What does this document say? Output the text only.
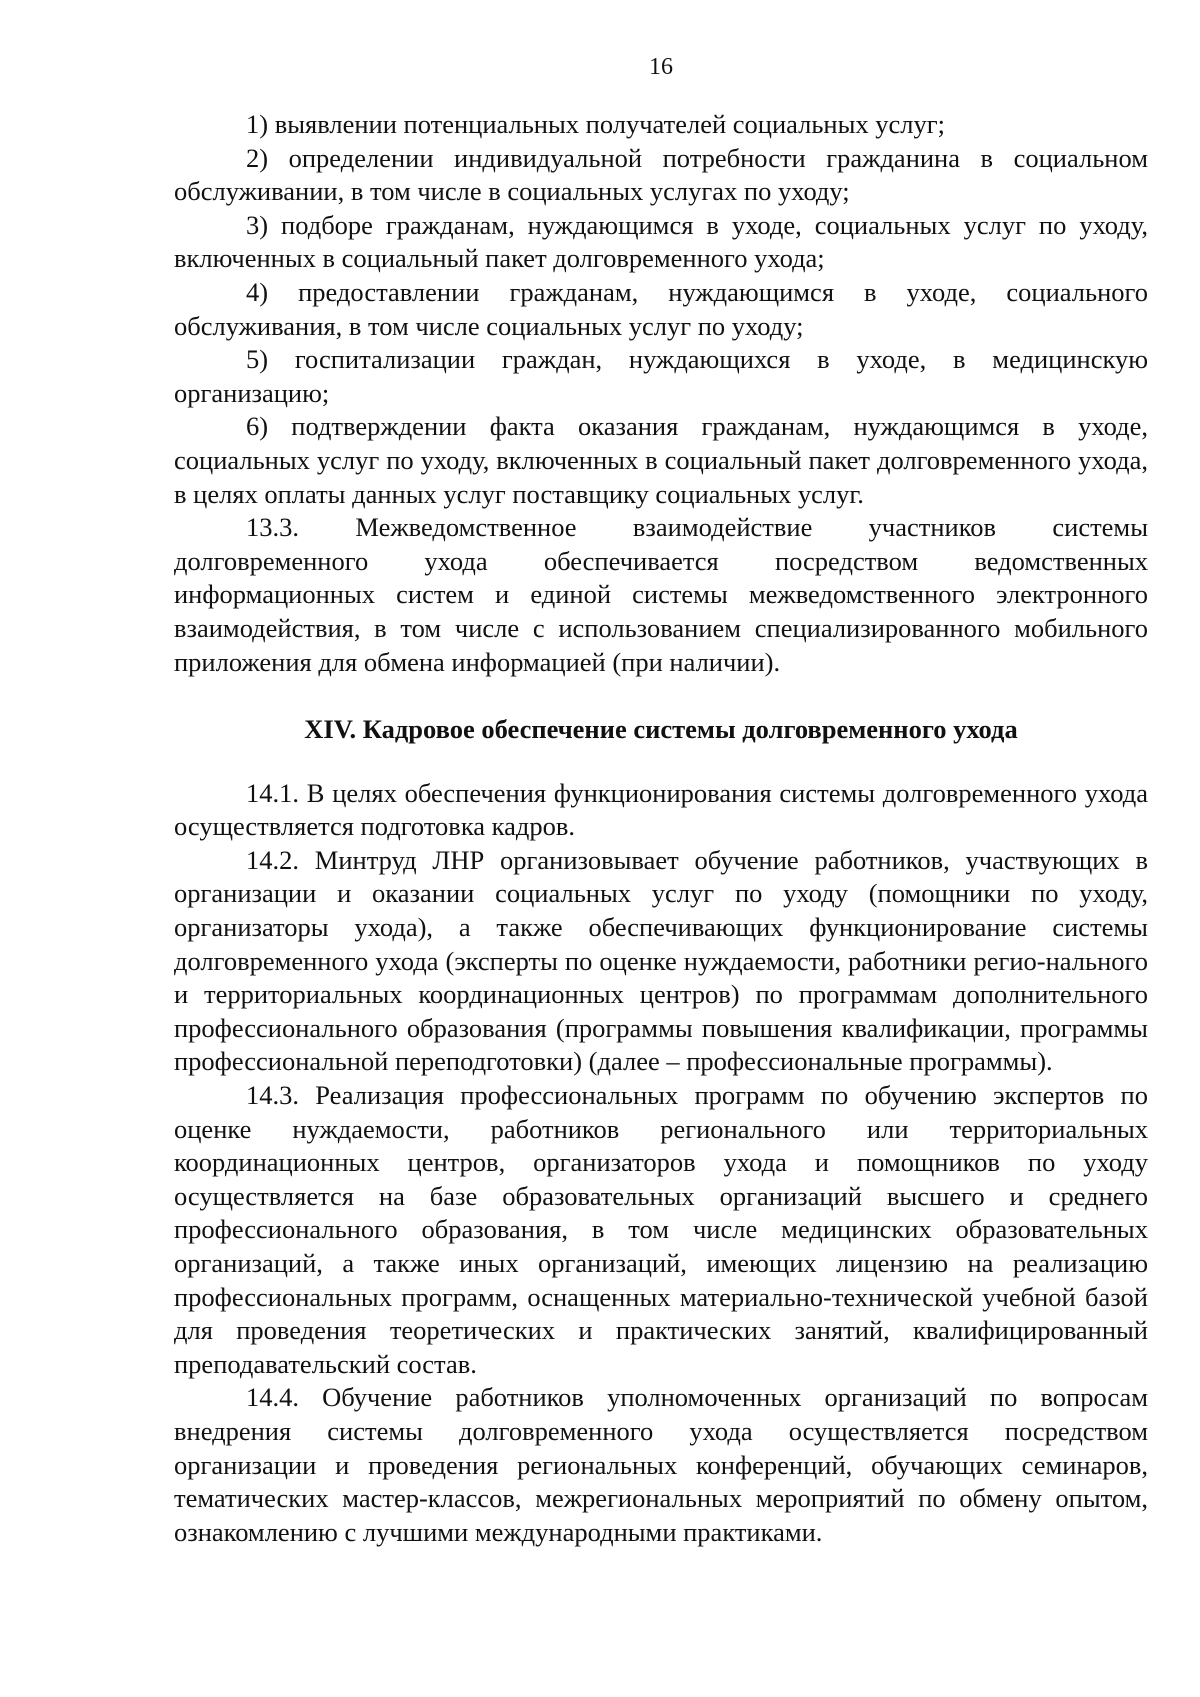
16

1) выявлении потенциальных получателей социальных услуг;

2) определении индивидуальной потребности гражданина в социальном обслуживании, в том числе в социальных услугах по уходу;

3) подборе гражданам, нуждающимся в уходе, социальных услуг по уходу, включенных в социальный пакет долговременного ухода;

4) предоставлении гражданам, нуждающимся в уходе, социального обслуживания, в том числе социальных услуг по уходу;

5) госпитализации граждан, нуждающихся в уходе, в медицинскую организацию;

6) подтверждении факта оказания гражданам, нуждающимся в уходе, социальных услуг по уходу, включенных в социальный пакет долговременного ухода, в целях оплаты данных услуг поставщику социальных услуг.

13.3. Межведомственное взаимодействие участников системы долговременного ухода обеспечивается посредством ведомственных информационных систем и единой системы межведомственного электронного взаимодействия, в том числе с использованием специализированного мобильного приложения для обмена информацией (при наличии).

XIV. Кадровое обеспечение системы долговременного ухода

14.1. В целях обеспечения функционирования системы долговременного ухода осуществляется подготовка кадров.

14.2. Минтруд ЛНР организовывает обучение работников, участвующих в организации и оказании социальных услуг по уходу (помощники по уходу, организаторы ухода), а также обеспечивающих функционирование системы долговременного ухода (эксперты по оценке нуждаемости, работники регио-нального и территориальных координационных центров) по программам дополнительного профессионального образования (программы повышения квалификации, программы профессиональной переподготовки) (далее – профессиональные программы).

14.3. Реализация профессиональных программ по обучению экспертов по оценке нуждаемости, работников регионального или территориальных координационных центров, организаторов ухода и помощников по уходу осуществляется на базе образовательных организаций высшего и среднего профессионального образования, в том числе медицинских образовательных организаций, а также иных организаций, имеющих лицензию на реализацию профессиональных программ, оснащенных материально-технической учебной базой для проведения теоретических и практических занятий, квалифицированный преподавательский состав.

14.4. Обучение работников уполномоченных организаций по вопросам внедрения системы долговременного ухода осуществляется посредством организации и проведения региональных конференций, обучающих семинаров, тематических мастер-классов, межрегиональных мероприятий по обмену опытом, ознакомлению с лучшими международными практиками.
